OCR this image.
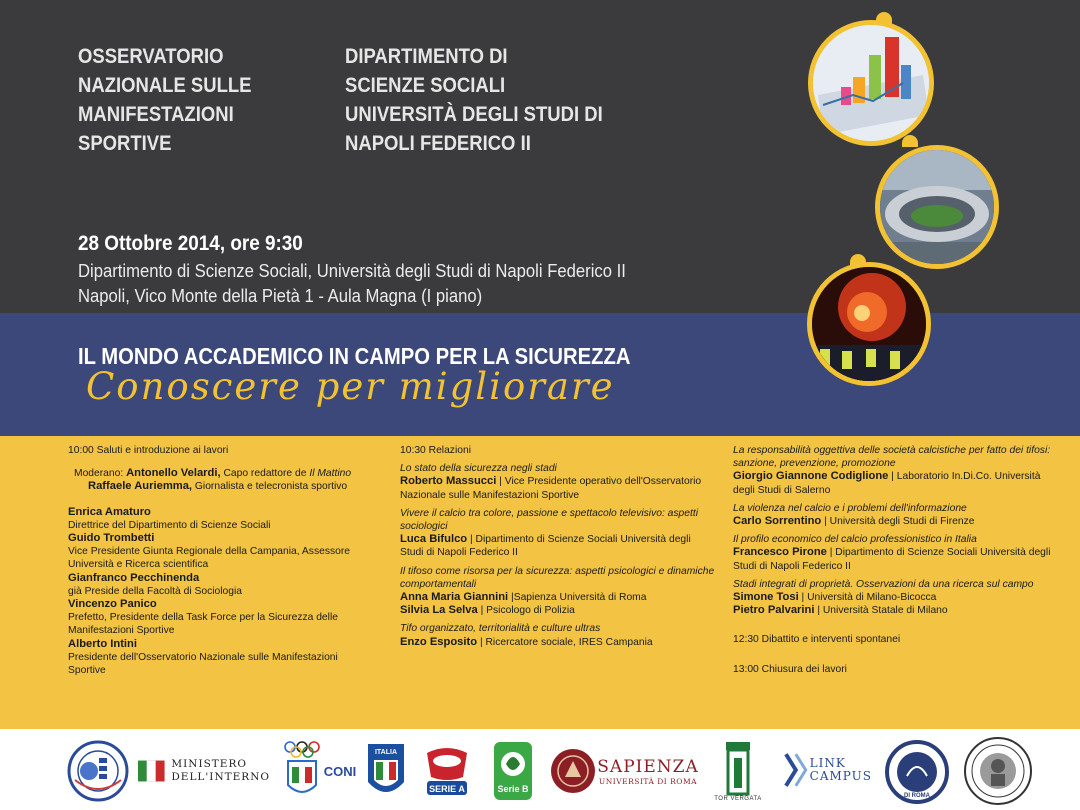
OSSERVATORIO
NAZIONALE SULLE
MANIFESTAZIONI
SPORTIVE
DIPARTIMENTO DI
SCIENZE SOCIALI
UNIVERSITÀ DEGLI STUDI DI
NAPOLI FEDERICO II
28 Ottobre 2014, ore 9:30
Dipartimento di Scienze Sociali, Università degli Studi di Napoli Federico II
Napoli, Vico Monte della Pietà 1 - Aula Magna (I piano)
IL MONDO ACCADEMICO IN CAMPO PER LA SICUREZZA
Conoscere per migliorare
10:00 Saluti e introduzione ai lavori
Moderano: Antonello Velardi, Capo redattore de Il Mattino
Raffaele Auriemma, Giornalista e telecronista sportivo
Enrica Amaturo
Direttrice del Dipartimento di Scienze Sociali
Guido Trombetti
Vice Presidente Giunta Regionale della Campania, Assessore Università e Ricerca scientifica
Gianfranco Pecchinenda
già Preside della Facoltà di Sociologia
Vincenzo Panico
Prefetto, Presidente della Task Force per la Sicurezza delle Manifestazioni Sportive
Alberto Intini
Presidente dell'Osservatorio Nazionale sulle Manifestazioni Sportive
10:30 Relazioni
Lo stato della sicurezza negli stadi
Roberto Massucci | Vice Presidente operativo dell'Osservatorio Nazionale sulle Manifestazioni Sportive
Vivere il calcio tra colore, passione e spettacolo televisivo: aspetti sociologici
Luca Bifulco | Dipartimento di Scienze Sociali Università degli Studi di Napoli Federico II
Il tifoso come risorsa per la sicurezza: aspetti psicologici e dinamiche comportamentali
Anna Maria Giannini |Sapienza Università di Roma
Silvia La Selva | Psicologo di Polizia
Tifo organizzato, territorialità e culture ultras
Enzo Esposito | Ricercatore sociale, IRES Campania
La responsabilità oggettiva delle società calcistiche per fatto dei tifosi: sanzione, prevenzione, promozione
Giorgio Giannone Codiglione | Laboratorio In.Di.Co. Università degli Studi di Salerno
La violenza nel calcio e i problemi dell'informazione
Carlo Sorrentino | Università degli Studi di Firenze
Il profilo economico del calcio professionistico in Italia
Francesco Pirone | Dipartimento di Scienze Sociali Università degli Studi di Napoli Federico II
Stadi integrati di proprietà. Osservazioni da una ricerca sul campo
Simone Tosi | Università di Milano-Bicocca
Pietro Palvarini | Università Statale di Milano
12:30 Dibattito e interventi spontanei
13:00 Chiusura dei lavori
MINISTERO
DELL'INTERNO	CONI
ITALIA
SERIE A	Serie B
SAPIENZA
UNIVERSITÀ DI ROMA
TOR VERGATA
LINK
CAMPUS
DI ROMA
